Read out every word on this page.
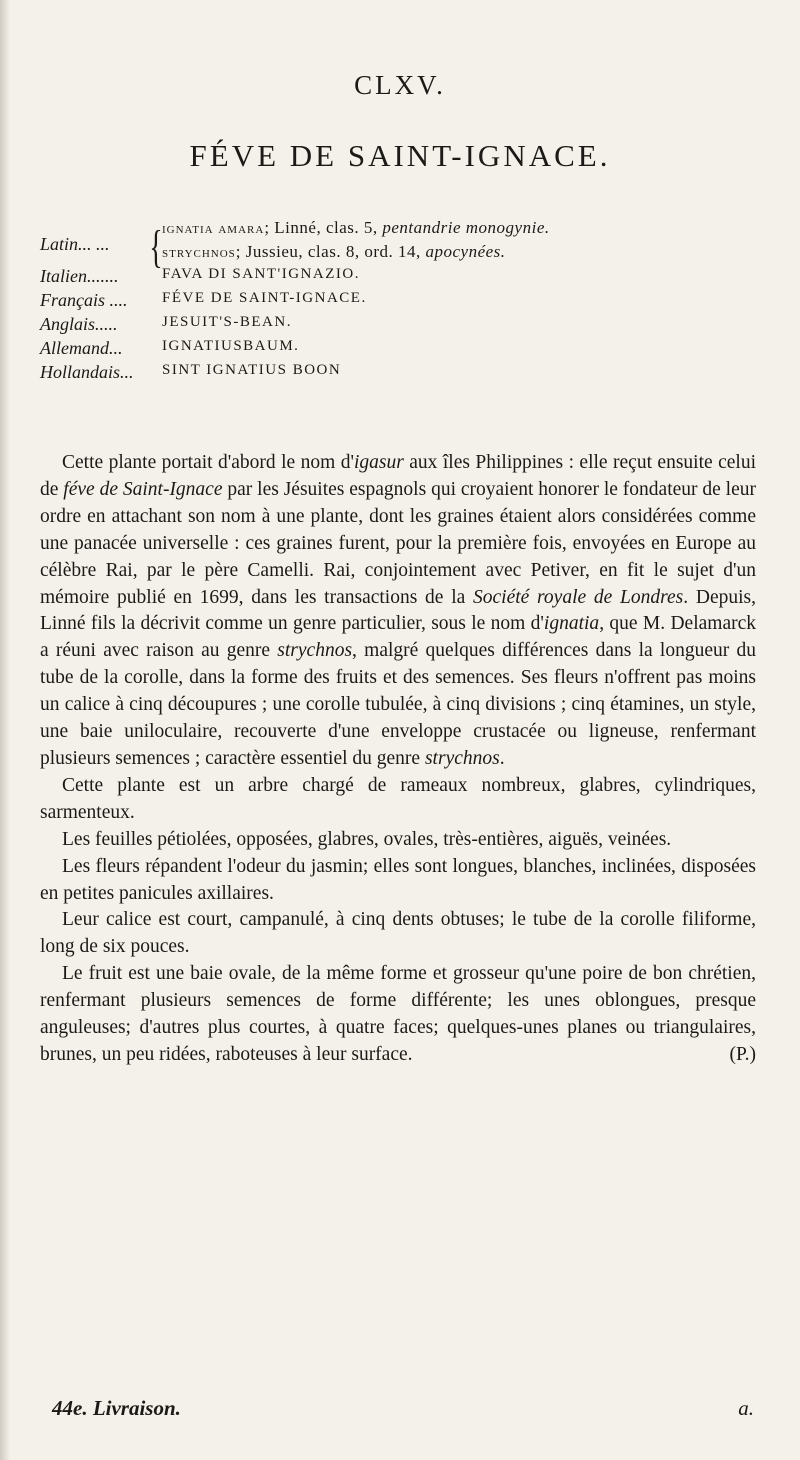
CLXV.
FÉVE DE SAINT-IGNACE.
{
Latin... ...
ignatia amara; Linné, clas. 5, pentandrie monogynie.
strychnos; Jussieu, clas. 8, ord. 14, apocynées.
Italien.......	FAVA DI SANT'IGNAZIO.
Français .... FÉVE DE SAINT-IGNACE.
Anglais.....	JESUIT'S-BEAN.
Allemand...	IGNATIUSBAUM.
Hollandais... SINT IGNATIUS BOON

Cette plante portait d'abord le nom d'igasur aux îles Philippines : elle reçut ensuite celui de féve de Saint-Ignace par les Jésuites espagnols qui croyaient honorer le fondateur de leur ordre en attachant son nom à une plante, dont les graines étaient alors considérées comme une panacée universelle : ces graines furent, pour la première fois, envoyées en Europe au célèbre Rai, par le père Camelli. Rai, conjointement avec Petiver, en fit le sujet d'un mémoire publié en 1699, dans les transactions de la Société royale de Londres. Depuis, Linné fils la décrivit comme un genre particulier, sous le nom d'ignatia, que M. Delamarck a réuni avec raison au genre strychnos, malgré quelques différences dans la longueur du tube de la corolle, dans la forme des fruits et des semences. Ses fleurs n'offrent pas moins un calice à cinq découpures ; une corolle tubulée, à cinq divisions ; cinq étamines, un style, une baie uniloculaire, recouverte d'une enveloppe crustacée ou ligneuse, renfermant plusieurs semences ; caractère essentiel du genre strychnos.

Cette plante est un arbre chargé de rameaux nombreux, glabres, cylindriques, sarmenteux.

Les feuilles pétiolées, opposées, glabres, ovales, très-entières, aiguës, veinées.

Les fleurs répandent l'odeur du jasmin; elles sont longues, blanches, inclinées, disposées en petites panicules axillaires.

Leur calice est court, campanulé, à cinq dents obtuses; le tube de la corolle filiforme, long de six pouces.

Le fruit est une baie ovale, de la même forme et grosseur qu'une poire de bon chrétien, renfermant plusieurs semences de forme différente; les unes oblongues, presque anguleuses; d'autres plus courtes, à quatre faces; quelques-unes planes ou triangulaires, brunes, un peu ridées, raboteuses à leur surface.	(P.)

44e. Livraison.	a.
